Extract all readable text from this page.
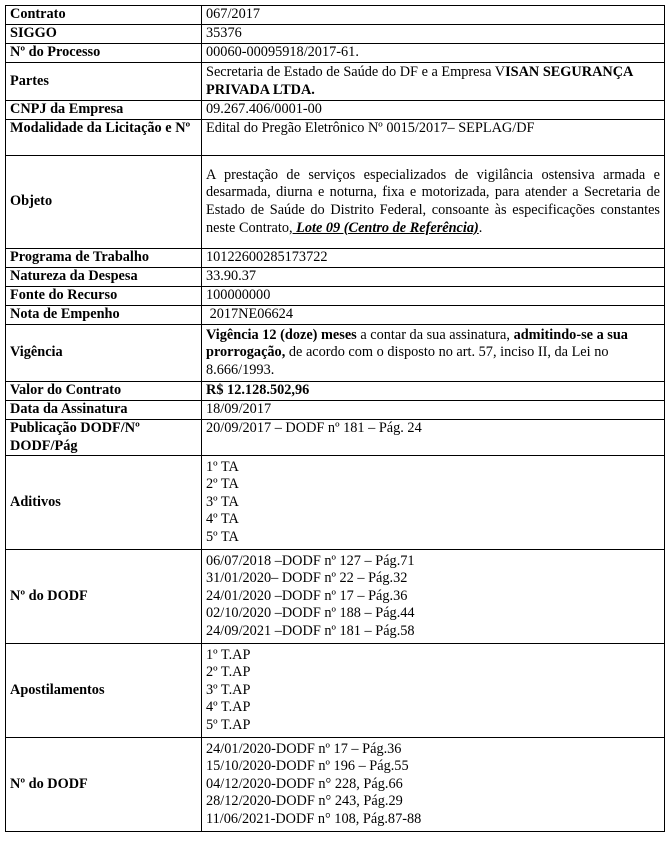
Contrato	067/2017
SIGGO	35376
Nº do Processo	00060-00095918/2017-61.
Partes	Secretaria de Estado de Saúde do DF e a Empresa VISAN SEGURANÇA PRIVADA LTDA.
CNPJ da Empresa	09.267.406/0001-00
Modalidade da Licitação e Nº	Edital do Pregão Eletrônico Nº 0015/2017– SEPLAG/DF
Objeto	A prestação de serviços especializados de vigilância ostensiva armada e desarmada, diurna e noturna, fixa e motorizada, para atender a Secretaria de Estado de Saúde do Distrito Federal, consoante às especificações constantes neste Contrato, Lote 09 (Centro de Referência).
Programa de Trabalho	10122600285173722
Natureza da Despesa	33.90.37
Fonte do Recurso	100000000
Nota de Empenho	2017NE06624
Vigência	Vigência 12 (doze) meses a contar da sua assinatura, admitindo-se a sua prorrogação, de acordo com o disposto no art. 57, inciso II, da Lei no 8.666/1993.
Valor do Contrato	R$ 12.128.502,96
Data da Assinatura	18/09/2017
Publicação DODF/Nº DODF/Pág	20/09/2017 – DODF nº 181 – Pág. 24
Aditivos	1º TA
2º TA
3º TA
4º TA
5º TA

Nº do DODF	06/07/2018 –DODF nº 127 – Pág.71
31/01/2020– DODF nº 22 – Pág.32
24/01/2020 –DODF nº 17 – Pág.36
02/10/2020 –DODF nº 188 – Pág.44
24/09/2021 –DODF nº 181 – Pág.58

Apostilamentos	1º T.AP
2º T.AP
3º T.AP
4º T.AP
5º T.AP

Nº do DODF	24/01/2020-DODF nº 17 – Pág.36
15/10/2020-DODF nº 196 – Pág.55
04/12/2020-DODF n° 228, Pág.66
28/12/2020-DODF n° 243, Pág.29
11/06/2021-DODF n° 108, Pág.87-88
